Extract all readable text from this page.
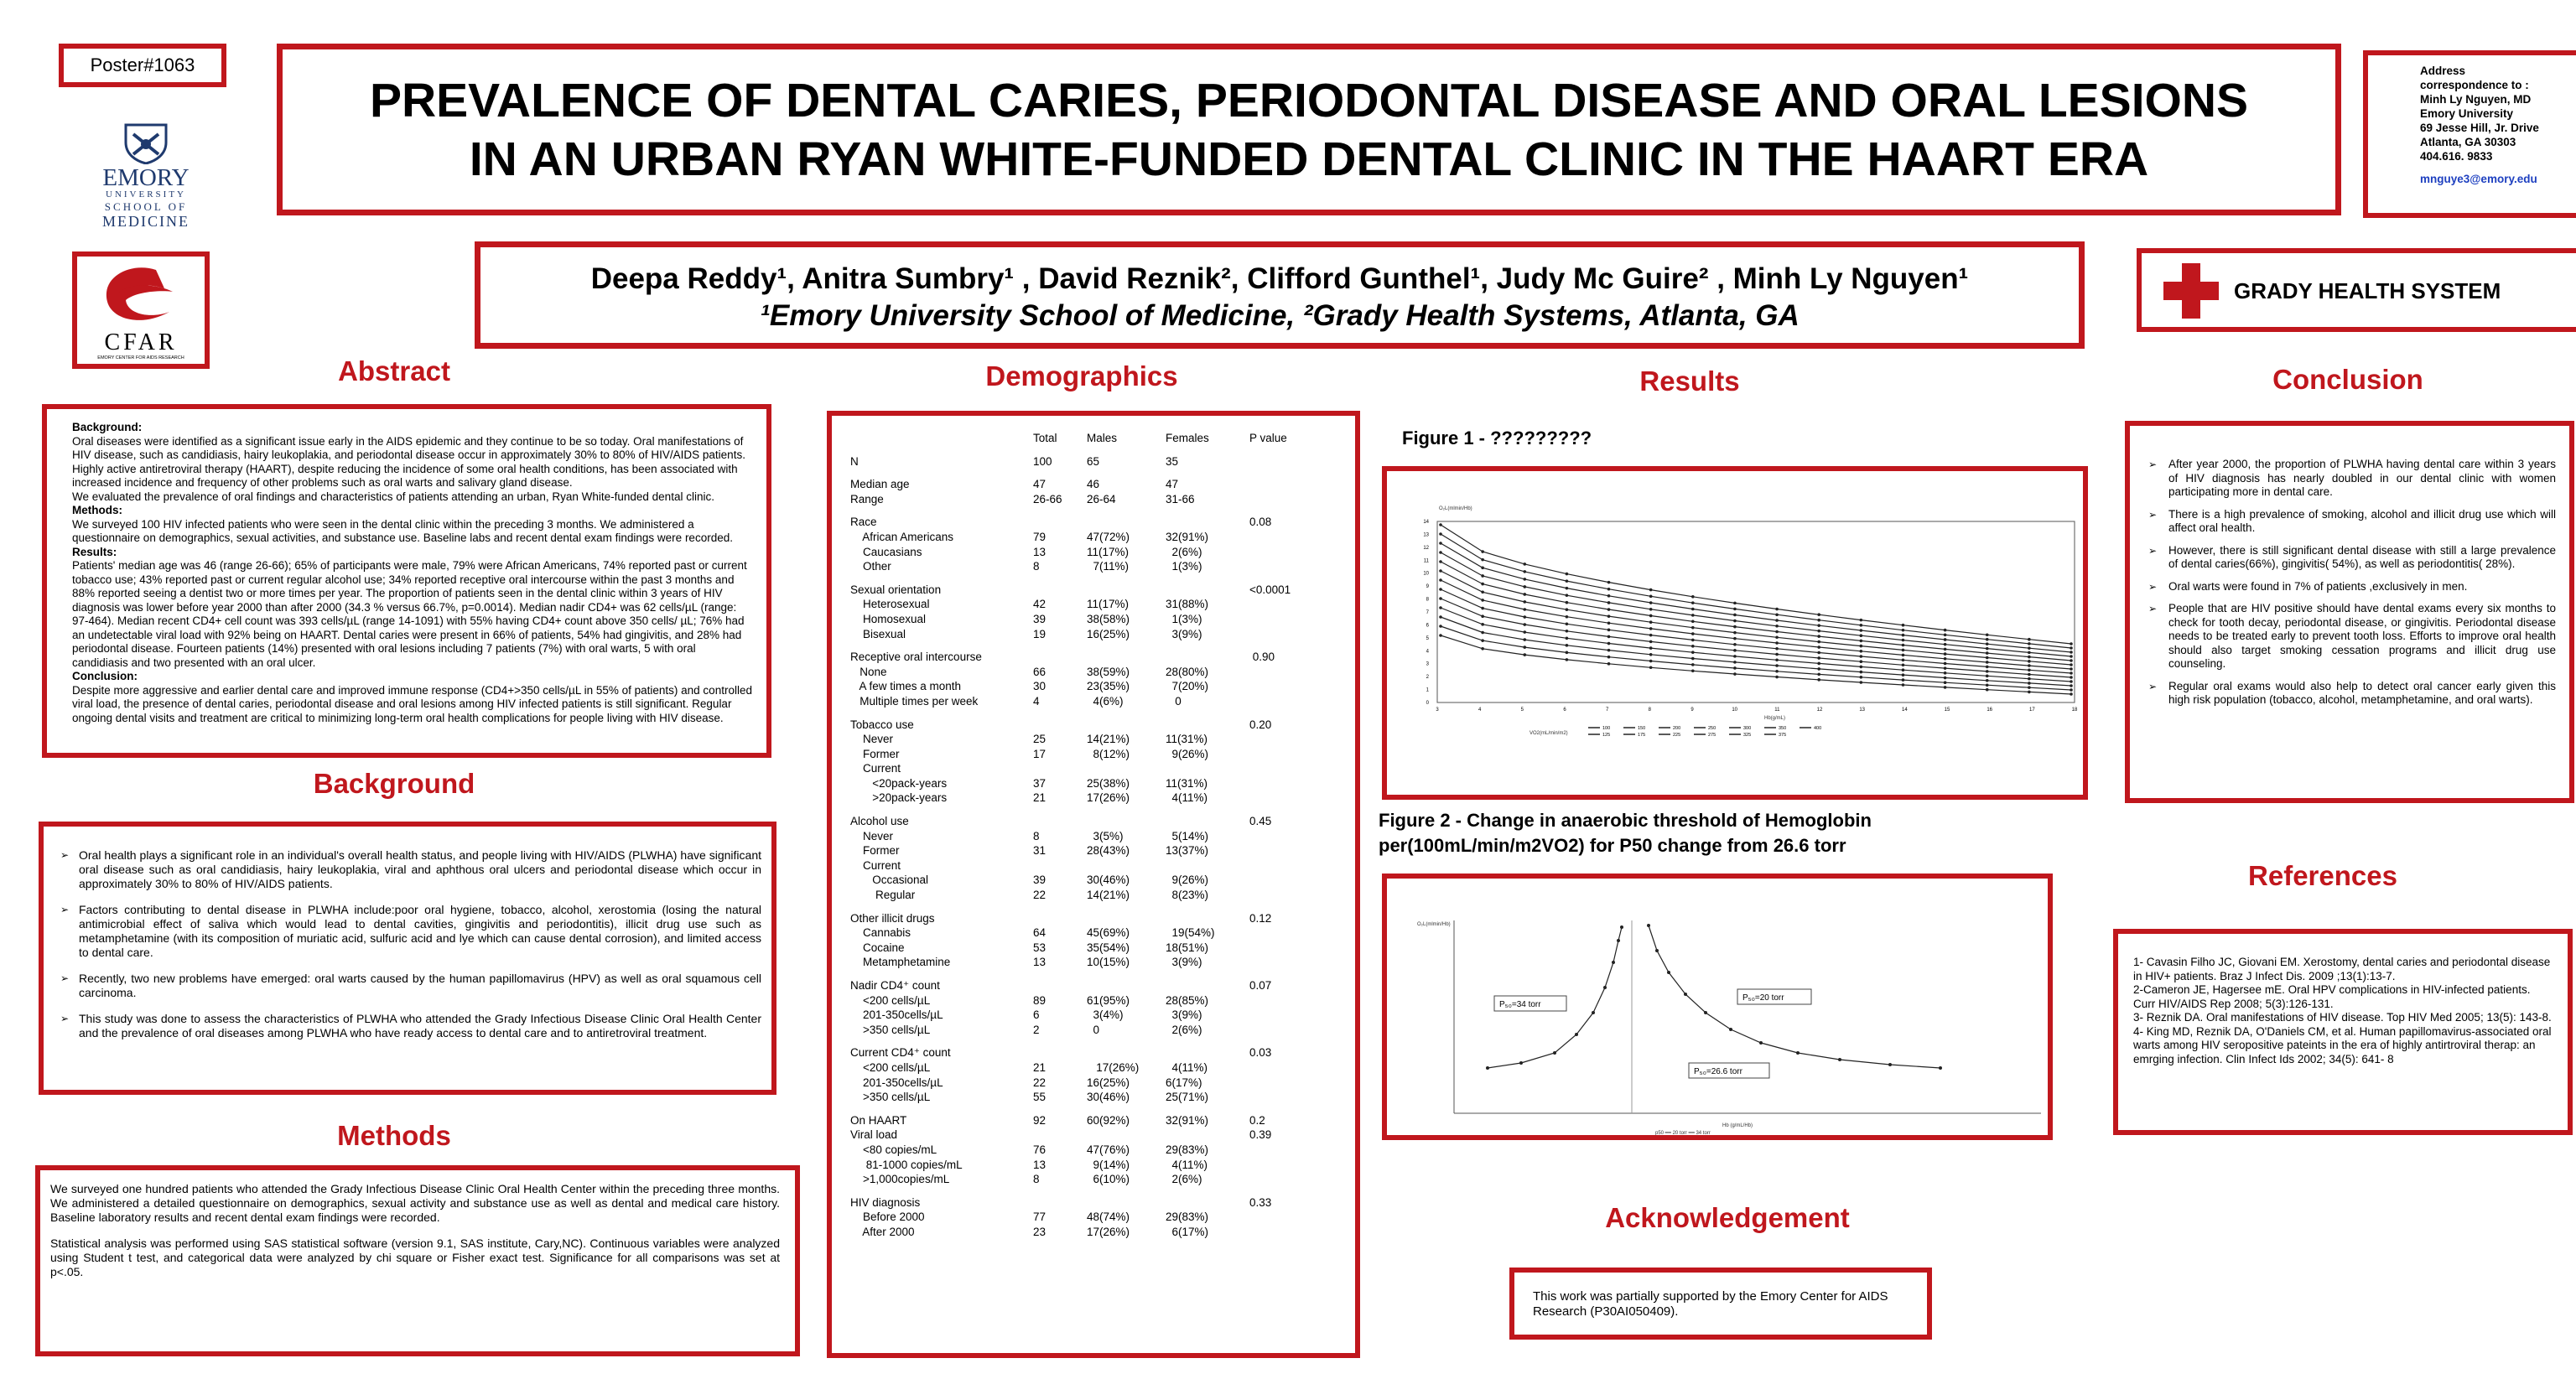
Poster#1063
EMORY
UNIVERSITY
SCHOOL OF
MEDICINE
CFAR
EMORY CENTER FOR AIDS RESEARCH
PREVALENCE OF DENTAL CARIES, PERIODONTAL DISEASE AND ORAL LESIONS
IN AN URBAN RYAN WHITE-FUNDED DENTAL CLINIC IN THE HAART ERA
Address
correspondence to :
Minh Ly Nguyen, MD
Emory University
69 Jesse Hill, Jr. Drive
Atlanta, GA 30303
404.616. 9833
mnguye3@emory.edu
Deepa Reddy¹, Anitra Sumbry¹ , David Reznik², Clifford Gunthel¹, Judy Mc Guire² , Minh Ly Nguyen¹
¹Emory University School of Medicine, ²Grady Health Systems, Atlanta, GA
GRADY HEALTH SYSTEM
Abstract
Background:
Oral diseases were identified as a significant issue early in the AIDS epidemic and they continue to be so today. Oral manifestations of HIV disease, such as candidiasis, hairy leukoplakia, and periodontal disease occur in approximately 30% to 80% of HIV/AIDS patients. Highly active antiretroviral therapy (HAART), despite reducing the incidence of some oral health conditions, has been associated with increased incidence and frequency of other problems such as oral warts and salivary gland disease.
We evaluated the prevalence of oral findings and characteristics of patients attending an urban, Ryan White-funded dental clinic.
Methods:
We surveyed 100 HIV infected patients who were seen in the dental clinic within the preceding 3 months. We administered a questionnaire on demographics, sexual activities, and substance use. Baseline labs and recent dental exam findings were recorded.
Results:
Patients' median age was 46 (range 26-66); 65% of participants were male, 79% were African Americans, 74% reported past or current tobacco use; 43% reported past or current regular alcohol use; 34% reported receptive oral intercourse within the past 3 months and 88% reported seeing a dentist two or more times per year. The proportion of patients seen in the dental clinic within 3 years of HIV diagnosis was lower before year 2000 than after 2000 (34.3 % versus 66.7%, p=0.0014). Median nadir CD4+ was 62 cells/µL (range: 97-464). Median recent CD4+ cell count was 393 cells/µL (range 14-1091) with 55% having CD4+ count above 350 cells/ µL; 76% had an undetectable viral load with 92% being on HAART. Dental caries were present in 66% of patients, 54% had gingivitis, and 28% had periodontal disease. Fourteen patients (14%) presented with oral lesions including 7 patients (7%) with oral warts, 5 with oral candidiasis and two presented with an oral ulcer.
Conclusion:
Despite more aggressive and earlier dental care and improved immune response (CD4+>350 cells/µL in 55% of patients) and controlled viral load, the presence of dental caries, periodontal disease and oral lesions among HIV infected patients is still significant. Regular ongoing dental visits and treatment are critical to minimizing long-term oral health complications for people living with HIV disease.
Background
➢ Oral health plays a significant role in an individual's overall health status, and people living with HIV/AIDS (PLWHA) have significant oral disease such as oral candidiasis, hairy leukoplakia, viral and aphthous oral ulcers and periodontal disease which occur in approximately 30% to 80% of HIV/AIDS patients.
➢ Factors contributing to dental disease in PLWHA include:poor oral hygiene, tobacco, alcohol, xerostomia (losing the natural antimicrobial effect of saliva which would lead to dental cavities, gingivitis and periodontitis), illicit drug use such as metamphetamine (with its composition of muriatic acid, sulfuric acid and lye which can cause dental corrosion), and limited access to dental care.
➢ Recently, two new problems have emerged: oral warts caused by the human papillomavirus (HPV) as well as oral squamous cell carcinoma.
➢ This study was done to assess the characteristics of PLWHA who attended the Grady Infectious Disease Clinic Oral Health Center and the prevalence of oral diseases among PLWHA who have ready access to dental care and to antiretroviral treatment.
Methods
We surveyed one hundred patients who attended the Grady Infectious Disease Clinic Oral Health Center within the preceding three months. We administered a detailed questionnaire on demographics, sexual activity and substance use as well as dental and medical care history. Baseline laboratory results and recent dental exam findings were recorded.
Statistical analysis was performed using SAS statistical software (version 9.1, SAS institute, Cary,NC). Continuous variables were analyzed using Student t test, and categorical data were analyzed by chi square or Fisher exact test. Significance for all comparisons was set at p<.05.
Demographics
	Total	Males	Females	P value

N	100	65	35	

Median age	47	46	47	
Range	26-66	26-64	31-66	

Race				0.08
African Americans	79	47(72%)	32(91%)	
Caucasians	13	11(17%)	2(6%)	
Other	8	7(11%)	1(3%)	

Sexual orientation				<0.0001
Heterosexual	42	11(17%)	31(88%)	
Homosexual	39	38(58%)	1(3%)	
Bisexual	19	16(25%)	3(9%)	

Receptive oral intercourse				0.90
None	66	38(59%)	28(80%)	
A few times a month	30	23(35%)	7(20%)	
Multiple times per week	4	4(6%)	0	

Tobacco use				0.20
Never	25	14(21%)	11(31%)	
Former	17	8(12%)	9(26%)	
Current				
<20pack-years	37	25(38%)	11(31%)	
>20pack-years	21	17(26%)	4(11%)	

Alcohol use				0.45
Never	8	3(5%)	5(14%)	
Former	31	28(43%)	13(37%)	
Current				
Occasional	39	30(46%)	9(26%)	
Regular	22	14(21%)	8(23%)	

Other illicit drugs				0.12
Cannabis	64	45(69%)	19(54%)	
Cocaine	53	35(54%)	18(51%)	
Metamphetamine	13	10(15%)	3(9%)	

Nadir CD4⁺ count				0.07
<200 cells/µL	89	61(95%)	28(85%)	
201-350cells/µL	6	3(4%)	3(9%)	
>350 cells/µL	2	0	2(6%)	

Current CD4⁺ count				0.03
<200 cells/µL	21	17(26%)	4(11%)	
201-350cells/µL	22	16(25%)	6(17%)	
>350 cells/µL	55	30(46%)	25(71%)	

On HAART	92	60(92%)	32(91%)	0.2
Viral load				0.39
<80 copies/mL	76	47(76%)	29(83%)	
81-1000 copies/mL	13	9(14%)	4(11%)	
>1,000copies/mL	8	6(10%)	2(6%)	

HIV diagnosis				0.33
Before 2000	77	48(74%)	29(83%)	
After 2000	23	17(26%)	6(17%)	
Results
Figure 1 - ?????????
O₂L(mlmin/Hb)
Hb(g/mL)
VO2(mL/min/m2)
14
13
12
11
10
9
8
7
6
5
4
3
2
1
0
3	4	5	6	7	8	9	10	11	12	13	14	15	16	17	18
100
125
150
175
200
225
250
275
300
325
350
375
400
Figure 2 - Change in anaerobic threshold of Hemoglobin
per(100mL/min/m2VO2) for P50 change from 26.6 torr
O₂L(mlmin/Hb)
Hb (g/mL/Hb)
p50 ━━ 20 torr ━━ 34 torr
P₅₀=34 torr
P₅₀=20 torr
P₅₀=26.6 torr
Acknowledgement
This work was partially supported by the Emory Center for AIDS Research (P30AI050409).
Conclusion
➢ After year 2000, the proportion of PLWHA having dental care within 3 years of HIV diagnosis has nearly doubled in our dental clinic with women participating more in dental care.
➢ There is a high prevalence of smoking, alcohol and illicit drug use which will affect oral health.
➢ However, there is still significant dental disease with still a large prevalence of dental caries(66%), gingivitis( 54%), as well as periodontitis( 28%).
➢ Oral warts were found in 7% of patients ,exclusively in men.
➢ People that are HIV positive should have dental exams every six months to check for tooth decay, periodontal disease, or gingivitis. Periodontal disease needs to be treated early to prevent tooth loss. Efforts to improve oral health should also target smoking cessation programs and illicit drug use counseling.
➢ Regular oral exams would also help to detect oral cancer early given this high risk population (tobacco, alcohol, metamphetamine, and oral warts).
References
1- Cavasin Filho JC, Giovani EM. Xerostomy, dental caries and periodontal disease in HIV+ patients. Braz J Infect Dis. 2009 ;13(1):13-7.
2-Cameron JE, Hagersee mE. Oral HPV complications in HIV-infected patients. Curr HIV/AIDS Rep 2008; 5(3):126-131.
3- Reznik DA. Oral manifestations of HIV disease. Top HIV Med 2005; 13(5): 143-8.
4- King MD, Reznik DA, O'Daniels CM, et al. Human papillomavirus-associated oral warts among HIV seropositive pateints in the era of highly antirtroviral therap: an emrging infection. Clin Infect Ids 2002; 34(5): 641- 8
